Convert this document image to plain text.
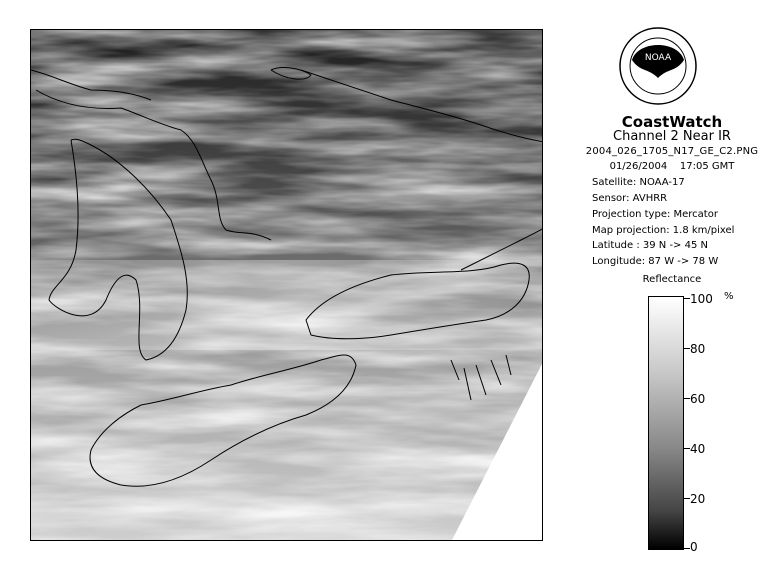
NOAA
CoastWatch
Channel 2 Near IR
2004_026_1705_N17_GE_C2.PNG
01/26/2004    17:05 GMT
Satellite: NOAA-17
Sensor: AVHRR
Projection type: Mercator
Map projection: 1.8 km/pixel
Latitude : 39 N -> 45 N
Longitude: 87 W -> 78 W
Reflectance
%
100
80
60
40
20
0
